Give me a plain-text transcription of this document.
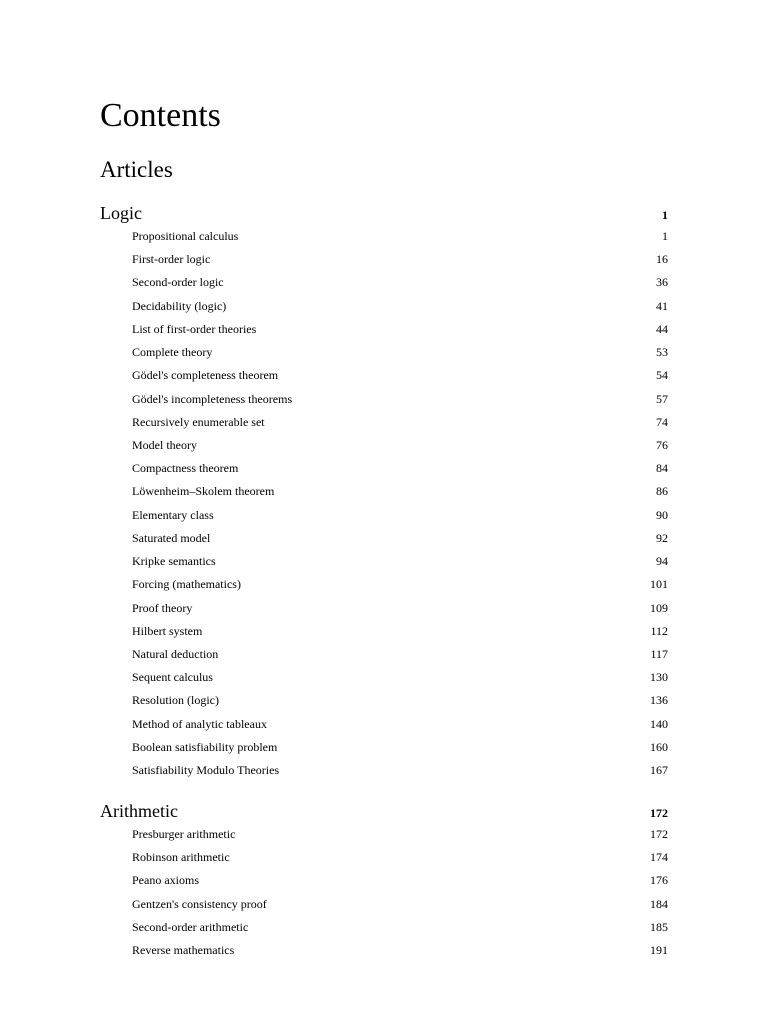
Contents
Articles
Logic	1
Propositional calculus	1
First-order logic	16
Second-order logic	36
Decidability (logic)	41
List of first-order theories	44
Complete theory	53
Gödel's completeness theorem	54
Gödel's incompleteness theorems	57
Recursively enumerable set	74
Model theory	76
Compactness theorem	84
Löwenheim–Skolem theorem	86
Elementary class	90
Saturated model	92
Kripke semantics	94
Forcing (mathematics)	101
Proof theory	109
Hilbert system	112
Natural deduction	117
Sequent calculus	130
Resolution (logic)	136
Method of analytic tableaux	140
Boolean satisfiability problem	160
Satisfiability Modulo Theories	167
Arithmetic	172
Presburger arithmetic	172
Robinson arithmetic	174
Peano axioms	176
Gentzen's consistency proof	184
Second-order arithmetic	185
Reverse mathematics	191
